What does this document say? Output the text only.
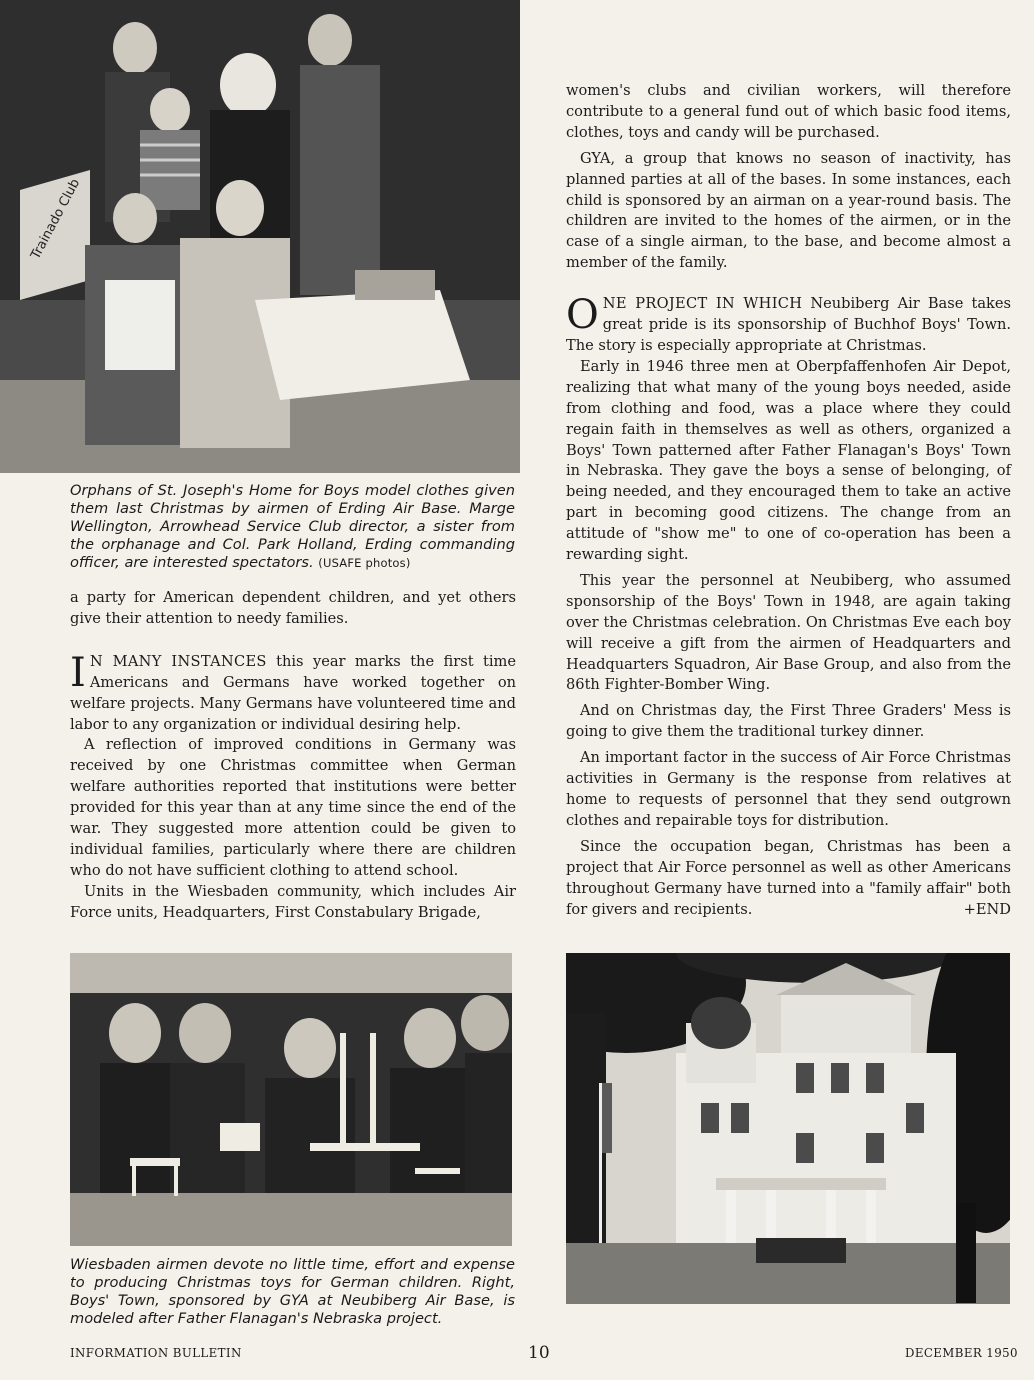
Trainado Club
Orphans of St. Joseph's Home for Boys model clothes given them last Christmas by airmen of Erding Air Base. Marge Wellington, Arrowhead Service Club director, a sister from the orphanage and Col. Park Holland, Erding commanding officer, are interested spectators. (USAFE photos)

a party for American dependent children, and yet others give their attention to needy families.

I N MANY INSTANCES this year marks the first time Americans and Germans have worked together on welfare projects. Many Germans have volunteered time and labor to any organization or individual desiring help.

A reflection of improved conditions in Germany was received by one Christmas committee when German welfare authorities reported that institutions were better provided for this year than at any time since the end of the war. They suggested more attention could be given to individual families, particularly where there are children who do not have sufficient clothing to attend school.

Units in the Wiesbaden community, which includes Air Force units, Headquarters, First Constabulary Brigade,

women's clubs and civilian workers, will therefore contribute to a general fund out of which basic food items, clothes, toys and candy will be purchased.

GYA, a group that knows no season of inactivity, has planned parties at all of the bases. In some instances, each child is sponsored by an airman on a year-round basis. The children are invited to the homes of the airmen, or in the case of a single airman, to the base, and become almost a member of the family.

ONE PROJECT IN WHICH Neubiberg Air Base takes great pride is its sponsorship of Buchhof Boys' Town. The story is especially appropriate at Christmas.

Early in 1946 three men at Oberpfaffenhofen Air Depot, realizing that what many of the young boys needed, aside from clothing and food, was a place where they could regain faith in themselves as well as others, organized a Boys' Town patterned after Father Flanagan's Boys' Town in Nebraska. They gave the boys a sense of belonging, of being needed, and they encouraged them to take an active part in becoming good citizens. The change from an attitude of "show me" to one of co-operation has been a rewarding sight.

This year the personnel at Neubiberg, who assumed sponsorship of the Boys' Town in 1948, are again taking over the Christmas celebration. On Christmas Eve each boy will receive a gift from the airmen of Headquarters and Headquarters Squadron, Air Base Group, and also from the 86th Fighter-Bomber Wing.

And on Christmas day, the First Three Graders' Mess is going to give them the traditional turkey dinner.

An important factor in the success of Air Force Christmas activities in Germany is the response from relatives at home to requests of personnel that they send outgrown clothes and repairable toys for distribution.

Since the occupation began, Christmas has been a project that Air Force personnel as well as other Americans throughout Germany have turned into a "family affair" both for givers and recipients.	+END

Wiesbaden airmen devote no little time, effort and expense to producing Christmas toys for German children. Right, Boys' Town, sponsored by GYA at Neubiberg Air Base, is modeled after Father Flanagan's Nebraska project.
INFORMATION BULLETIN	10	DECEMBER 1950
